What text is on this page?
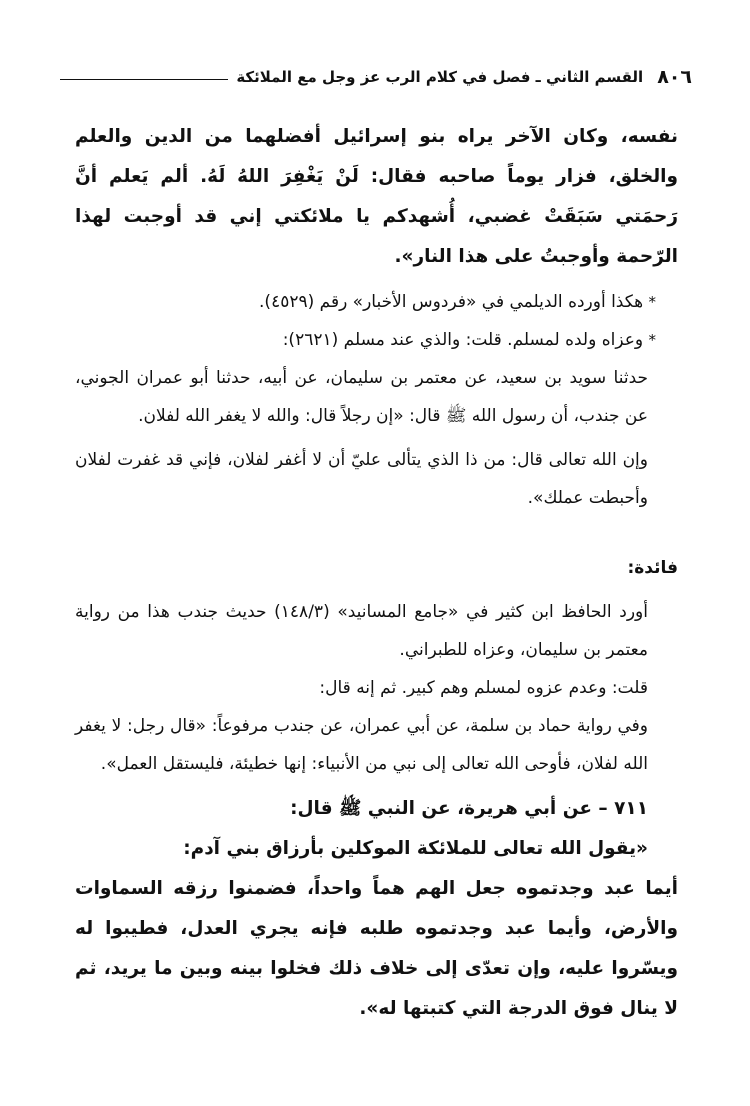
٨٠٦
القسم الثاني ـ فصل في كلام الرب عز وجل مع الملائكة

نفسه، وكان الآخر يراه بنو إسرائيل أفضلهما من الدين والعلم والخلق، فزار يوماً صاحبه فقال: لَنْ يَغْفِرَ اللهُ لَهُ. ألم يَعلم أنَّ رَحمَتي سَبَقَتْ غضبي، أُشهدكم يا ملائكتي إني قد أوجبت لهذا الرّحمة وأوجبتُ على هذا النار».

* هكذا أورده الديلمي في «فردوس الأخبار» رقم (٤٥٢٩).

* وعزاه ولده لمسلم. قلت: والذي عند مسلم (٢٦٢١):

حدثنا سويد بن سعيد، عن معتمر بن سليمان، عن أبيه، حدثنا أبو عمران الجوني، عن جندب، أن رسول الله ﷺ قال: «إن رجلاً قال: والله لا يغفر الله لفلان.

وإن الله تعالى قال: من ذا الذي يتألى عليّ أن لا أغفر لفلان، فإني قد غفرت لفلان وأحبطت عملك».

فائدة:

أورد الحافظ ابن كثير في «جامع المسانيد» (١٤٨/٣) حديث جندب هذا من رواية معتمر بن سليمان، وعزاه للطبراني.

قلت: وعدم عزوه لمسلم وهم كبير. ثم إنه قال:

وفي رواية حماد بن سلمة، عن أبي عمران، عن جندب مرفوعاً: «قال رجل: لا يغفر الله لفلان، فأوحى الله تعالى إلى نبي من الأنبياء: إنها خطيئة، فليستقل العمل».

٧١١ – عن أبي هريرة، عن النبي ﷺ قال:

«يقول الله تعالى للملائكة الموكلين بأرزاق بني آدم:

أيما عبد وجدتموه جعل الهم هماً واحداً، فضمنوا رزقه السماوات والأرض، وأيما عبد وجدتموه طلبه فإنه يجري العدل، فطيبوا له ويسّروا عليه، وإن تعدّى إلى خلاف ذلك فخلوا بينه وبين ما يريد، ثم لا ينال فوق الدرجة التي كتبتها له».
